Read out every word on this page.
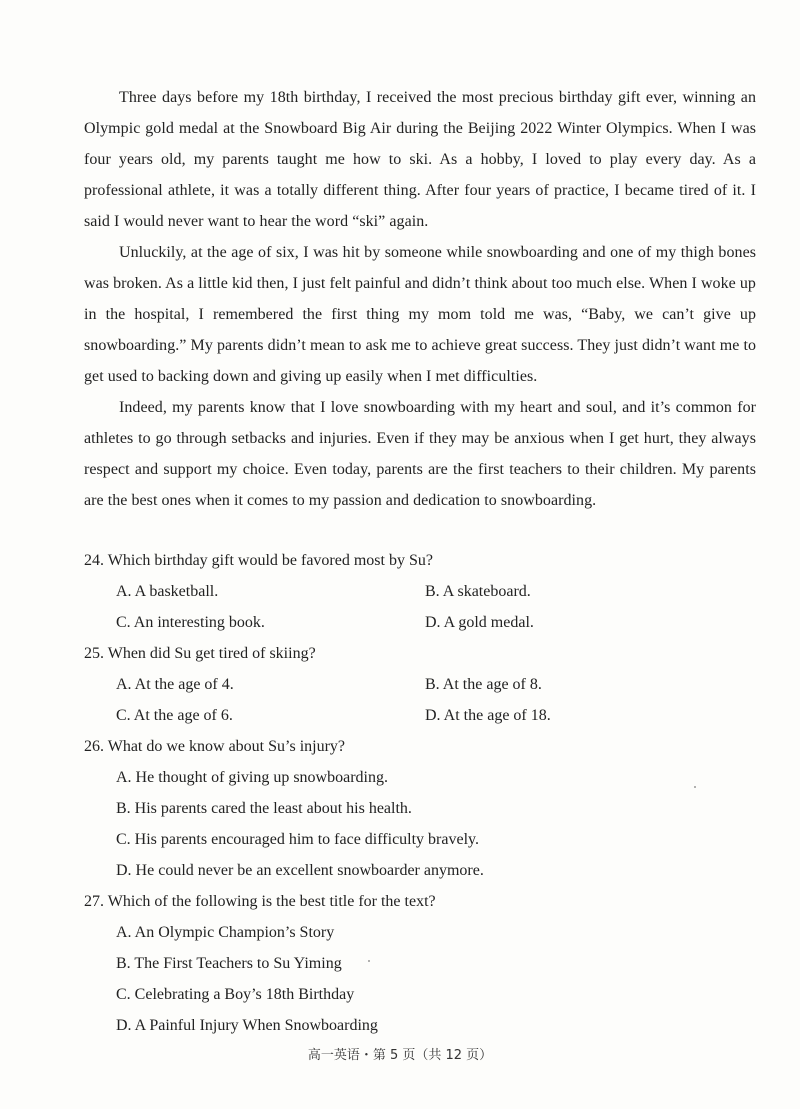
Three days before my 18th birthday, I received the most precious birthday gift ever, winning an Olympic gold medal at the Snowboard Big Air during the Beijing 2022 Winter Olympics. When I was four years old, my parents taught me how to ski. As a hobby, I loved to play every day. As a professional athlete, it was a totally different thing. After four years of practice, I became tired of it. I said I would never want to hear the word “ski” again.

Unluckily, at the age of six, I was hit by someone while snowboarding and one of my thigh bones was broken. As a little kid then, I just felt painful and didn’t think about too much else. When I woke up in the hospital, I remembered the first thing my mom told me was, “Baby, we can’t give up snowboarding.” My parents didn’t mean to ask me to achieve great success. They just didn’t want me to get used to backing down and giving up easily when I met difficulties.

Indeed, my parents know that I love snowboarding with my heart and soul, and it’s common for athletes to go through setbacks and injuries. Even if they may be anxious when I get hurt, they always respect and support my choice. Even today, parents are the first teachers to their children. My parents are the best ones when it comes to my passion and dedication to snowboarding.

24. Which birthday gift would be favored most by Su?
A. A basketball.	B. A skateboard.
C. An interesting book.	D. A gold medal.
25. When did Su get tired of skiing?
A. At the age of 4.	B. At the age of 8.
C. At the age of 6.	D. At the age of 18.
26. What do we know about Su’s injury?
A. He thought of giving up snowboarding.
B. His parents cared the least about his health.
C. His parents encouraged him to face difficulty bravely.
D. He could never be an excellent snowboarder anymore.
27. Which of the following is the best title for the text?
A. An Olympic Champion’s Story
B. The First Teachers to Su Yiming
C. Celebrating a Boy’s 18th Birthday
D. A Painful Injury When Snowboarding
高一英语・第 5 页（共 12 页）
